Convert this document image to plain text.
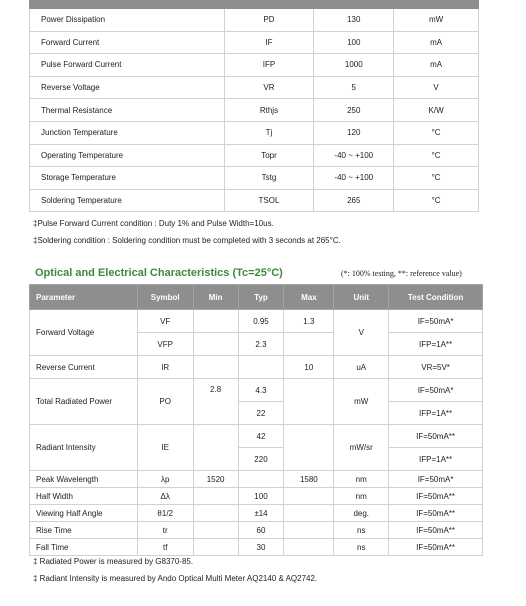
Power Dissipation	PD	130	mW
Forward Current	IF	100	mA
Pulse Forward Current	IFP	1000	mA
Reverse Voltage	VR	5	V
Thermal Resistance	Rthjs	250	K/W
Junction Temperature	Tj	120	°C
Operating Temperature	Topr	-40 ~ +100	°C
Storage Temperature	Tstg	-40 ~ +100	°C
Soldering Temperature	TSOL	265	°C
‡Pulse Forward Current condition : Duty 1% and Pulse Width=10us.
‡Soldering condition : Soldering condition must be completed with 3 seconds at 265°C.
Optical and Electrical Characteristics (Tc=25°C)	(*: 100% testing, **: reference value)
Parameter	Symbol	Min	Typ	Max	Unit	Test Condition
Forward Voltage	VF		0.95	1.3	V	IF=50mA*
	VFP		2.3			IFP=1A**
Reverse Current	IR			10	uA	VR=5V*
Total Radiated Power	PO	2.8	4.3		mW	IF=50mA*
			22			IFP=1A**
Radiant Intensity	IE		42		mW/sr	IF=50mA**
			220			IFP=1A**
Peak Wavelength	λp	1520		1580	nm	IF=50mA*
Half Width	Δλ		100		nm	IF=50mA**
Viewing Half Angle	θ1/2		±14		deg.	IF=50mA**
Rise Time	tr		60		ns	IF=50mA**
Fall Time	tf		30		ns	IF=50mA**
‡ Radiated Power is measured by G8370-85.
‡ Radiant Intensity is measured by Ando Optical Multi Meter AQ2140 & AQ2742.
